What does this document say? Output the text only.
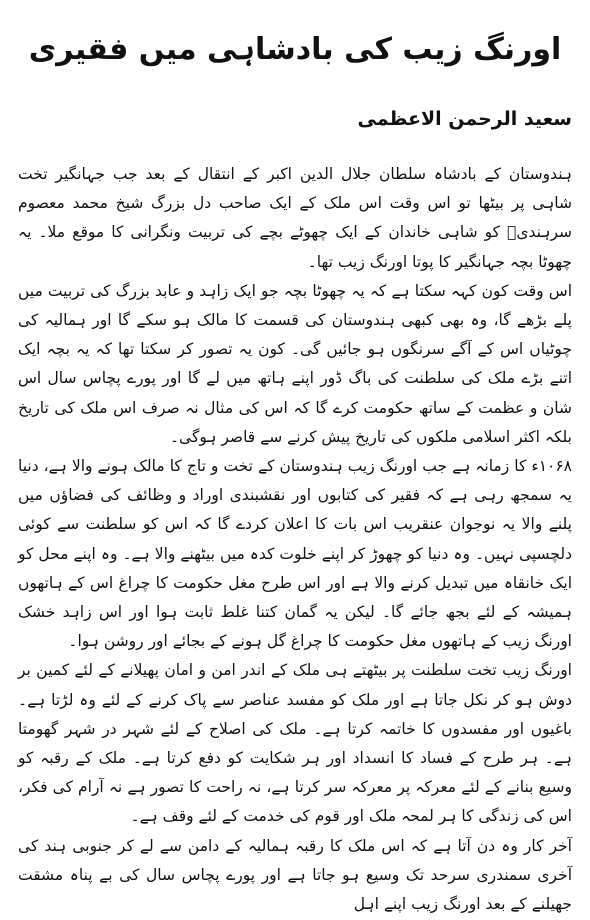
اورنگ زیب کی بادشاہی میں فقیری
سعید الرحمن الاعظمی

ہندوستان کے بادشاہ سلطان جلال الدین اکبر کے انتقال کے بعد جب جہانگیر تخت شاہی پر بیٹھا تو اس وقت اس ملک کے ایک صاحب دل بزرگ شیخ محمد معصوم سرہندیؒ کو شاہی خاندان کے ایک چھوٹے بچے کی تربیت ونگرانی کا موقع ملا۔ یہ چھوٹا بچہ جہانگیر کا پوتا اورنگ زیب تھا۔

اس وقت کون کہہ سکتا ہے کہ یہ چھوٹا بچہ جو ایک زاہد و عابد بزرگ کی تربیت میں پلے بڑھے گا، وہ بھی کبھی ہندوستان کی قسمت کا مالک ہو سکے گا اور ہمالیہ کی چوٹیاں اس کے آگے سرنگوں ہو جائیں گی۔ کون یہ تصور کر سکتا تھا کہ یہ بچہ ایک اتنے بڑے ملک کی سلطنت کی باگ ڈور اپنے ہاتھ میں لے گا اور پورے پچاس سال اس شان و عظمت کے ساتھ حکومت کرے گا کہ اس کی مثال نہ صرف اس ملک کی تاریخ بلکہ اکثر اسلامی ملکوں کی تاریخ پیش کرنے سے قاصر ہوگی۔

۱۰۶۸ء کا زمانہ ہے جب اورنگ زیب ہندوستان کے تخت و تاج کا مالک ہونے والا ہے، دنیا یہ سمجھ رہی ہے کہ فقیر کی کتابوں اور نقشبندی اوراد و وظائف کی فضاؤں میں پلنے والا یہ نوجوان عنقریب اس بات کا اعلان کردے گا کہ اس کو سلطنت سے کوئی دلچسپی نہیں۔ وہ دنیا کو چھوڑ کر اپنے خلوت کدہ میں بیٹھنے والا ہے۔ وہ اپنے محل کو ایک خانقاہ میں تبدیل کرنے والا ہے اور اس طرح مغل حکومت کا چراغ اس کے ہاتھوں ہمیشہ کے لئے بجھ جائے گا۔ لیکن یہ گمان کتنا غلط ثابت ہوا اور اس زاہد خشک اورنگ زیب کے ہاتھوں مغل حکومت کا چراغ گل ہونے کے بجائے اور روشن ہوا۔

اورنگ زیب تخت سلطنت پر بیٹھتے ہی ملک کے اندر امن و امان پھیلانے کے لئے کمین بر دوش ہو کر نکل جاتا ہے اور ملک کو مفسد عناصر سے پاک کرنے کے لئے وہ لڑتا ہے۔ باغیوں اور مفسدوں کا خاتمہ کرتا ہے۔ ملک کی اصلاح کے لئے شہر در شہر گھومتا ہے۔ ہر طرح کے فساد کا انسداد اور ہر شکایت کو دفع کرتا ہے۔ ملک کے رقبہ کو وسیع بنانے کے لئے معرکہ پر معرکہ سر کرتا ہے، نہ راحت کا تصور ہے نہ آرام کی فکر، اس کی زندگی کا ہر لمحہ ملک اور قوم کی خدمت کے لئے وقف ہے۔

آخر کار وہ دن آتا ہے کہ اس ملک کا رقبہ ہمالیہ کے دامن سے لے کر جنوبی ہند کی آخری سمندری سرحد تک وسیع ہو جاتا ہے اور پورے پچاس سال کی بے پناہ مشقت جھیلنے کے بعد اورنگ زیب اپنے اہل
